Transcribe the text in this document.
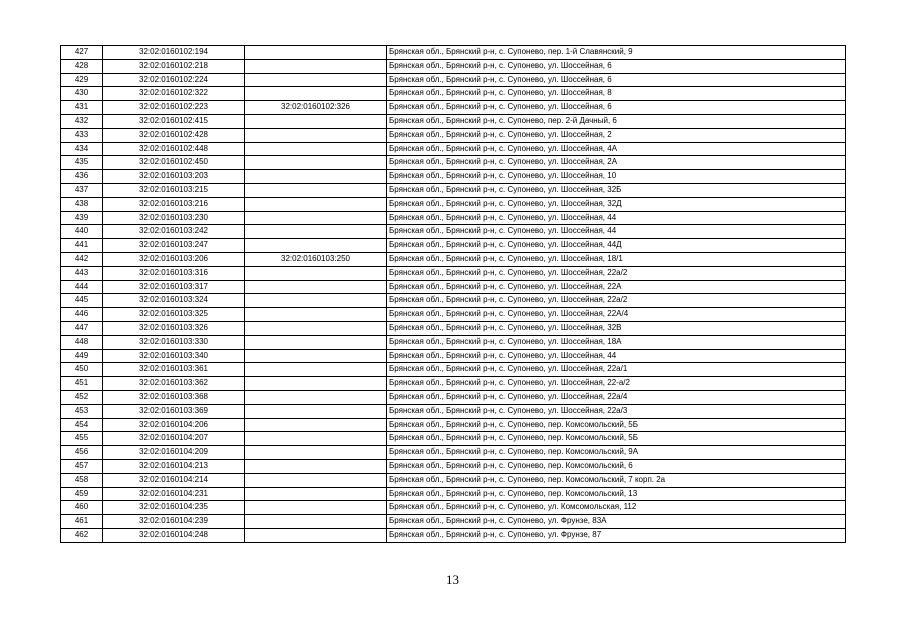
427	32:02:0160102:194		Брянская обл., Брянский р-н, с. Супонево, пер. 1-й Славянский, 9
428	32:02:0160102:218		Брянская обл., Брянский р-н, с. Супонево, ул. Шоссейная, 6
429	32:02:0160102:224		Брянская обл., Брянский р-н, с. Супонево, ул. Шоссейная, 6
430	32:02:0160102:322		Брянская обл., Брянский р-н, с. Супонево, ул. Шоссейная, 8
431	32:02:0160102:223	32:02:0160102:326	Брянская обл., Брянский р-н, с. Супонево, ул. Шоссейная, 6
432	32:02:0160102:415		Брянская обл., Брянский р-н, с. Супонево, пер. 2-й Дачный, 6
433	32:02:0160102:428		Брянская обл., Брянский р-н, с. Супонево, ул. Шоссейная, 2
434	32:02:0160102:448		Брянская обл., Брянский р-н, с. Супонево, ул. Шоссейная, 4А
435	32:02:0160102:450		Брянская обл., Брянский р-н, с. Супонево, ул. Шоссейная, 2А
436	32:02:0160103:203		Брянская обл., Брянский р-н, с. Супонево, ул. Шоссейная, 10
437	32:02:0160103:215		Брянская обл., Брянский р-н, с. Супонево, ул. Шоссейная, 32Б
438	32:02:0160103:216		Брянская обл., Брянский р-н, с. Супонево, ул. Шоссейная, 32Д
439	32:02:0160103:230		Брянская обл., Брянский р-н, с. Супонево, ул. Шоссейная, 44
440	32:02:0160103:242		Брянская обл., Брянский р-н, с. Супонево, ул. Шоссейная, 44
441	32:02:0160103:247		Брянская обл., Брянский р-н, с. Супонево, ул. Шоссейная, 44Д
442	32:02:0160103:206	32:02:0160103:250	Брянская обл., Брянский р-н, с. Супонево, ул. Шоссейная, 18/1
443	32:02:0160103:316		Брянская обл., Брянский р-н, с. Супонево, ул. Шоссейная, 22а/2
444	32:02:0160103:317		Брянская обл., Брянский р-н, с. Супонево, ул. Шоссейная, 22А
445	32:02:0160103:324		Брянская обл., Брянский р-н, с. Супонево, ул. Шоссейная, 22а/2
446	32:02:0160103:325		Брянская обл., Брянский р-н, с. Супонево, ул. Шоссейная, 22А/4
447	32:02:0160103:326		Брянская обл., Брянский р-н, с. Супонево, ул. Шоссейная, 32В
448	32:02:0160103:330		Брянская обл., Брянский р-н, с. Супонево, ул. Шоссейная, 18А
449	32:02:0160103:340		Брянская обл., Брянский р-н, с. Супонево, ул. Шоссейная, 44
450	32:02:0160103:361		Брянская обл., Брянский р-н, с. Супонево, ул. Шоссейная, 22а/1
451	32:02:0160103:362		Брянская обл., Брянский р-н, с. Супонево, ул. Шоссейная, 22-а/2
452	32:02:0160103:368		Брянская обл., Брянский р-н, с. Супонево, ул. Шоссейная, 22а/4
453	32:02:0160103:369		Брянская обл., Брянский р-н, с. Супонево, ул. Шоссейная, 22а/3
454	32:02:0160104:206		Брянская обл., Брянский р-н, с. Супонево, пер. Комсомольский, 5Б
455	32:02:0160104:207		Брянская обл., Брянский р-н, с. Супонево, пер. Комсомольский, 5Б
456	32:02:0160104:209		Брянская обл., Брянский р-н, с. Супонево, пер. Комсомольский, 9А
457	32:02:0160104:213		Брянская обл., Брянский р-н, с. Супонево, пер. Комсомольский, 6
458	32:02:0160104:214		Брянская обл., Брянский р-н, с. Супонево, пер. Комсомольский, 7 корп. 2а
459	32:02:0160104:231		Брянская обл., Брянский р-н, с. Супонево, пер. Комсомольский, 13
460	32:02:0160104:235		Брянская обл., Брянский р-н, с. Супонево, ул. Комсомольская, 112
461	32:02:0160104:239		Брянская обл., Брянский р-н, с. Супонево, ул. Фрунзе, 83А
462	32:02:0160104:248		Брянская обл., Брянский р-н, с. Супонево, ул. Фрунзе, 87
13
